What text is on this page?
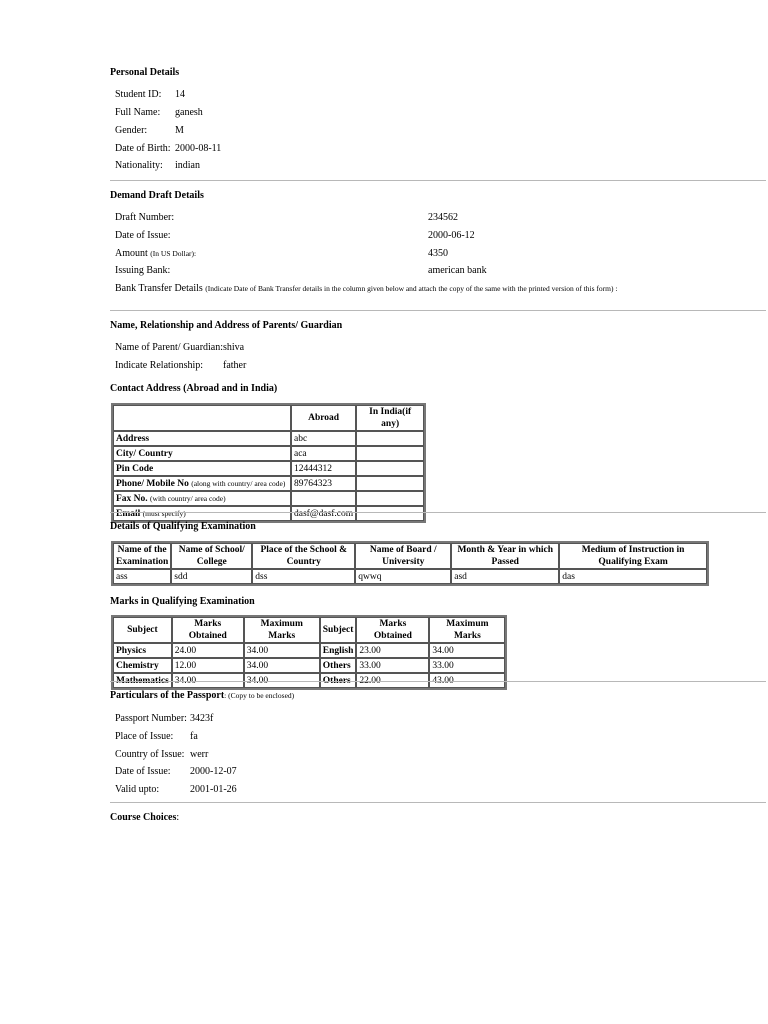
Personal Details
Student ID: 14
Full Name: ganesh
Gender:	M
Date of Birth: 2000-08-11
Nationality: indian
Demand Draft Details
Draft Number:	234562
Date of Issue:	2000-06-12
Amount (In US Dollar):	4350
Issuing Bank:	american bank
Bank Transfer Details (Indicate Date of Bank Transfer details in the column given below and attach the copy of the same with the printed version of this form) :
Name, Relationship and Address of Parents/ Guardian
Name of Parent/ Guardian: shiva
Indicate Relationship: father
Contact Address (Abroad and in India)
	Abroad	In India(if any)
Address	abc	
City/ Country	aca	
Pin Code	12444312	
Phone/ Mobile No (along with country/ area code)	89764323	
Fax No. (with country/ area code)		
Email (must specify)	dasf@dasf.com	
Details of Qualifying Examination
Name of the Examination	Name of School/ College	Place of the School & Country	Name of Board / University	Month & Year in which Passed	Medium of Instruction in Qualifying Exam
ass	sdd	dss	qwwq	asd	das
Marks in Qualifying Examination
Subject	Marks Obtained	Maximum Marks	Subject	Marks Obtained	Maximum Marks
Physics	24.00	34.00	English	23.00	34.00
Chemistry	12.00	34.00	Others	33.00	33.00
Mathematics	34.00	34.00	Others	22.00	43.00
Particulars of the Passport: (Copy to be enclosed)
Passport Number: 3423f
Place of Issue: fa
Country of Issue: werr
Date of Issue: 2000-12-07
Valid upto:	2001-01-26
Course Choices:
